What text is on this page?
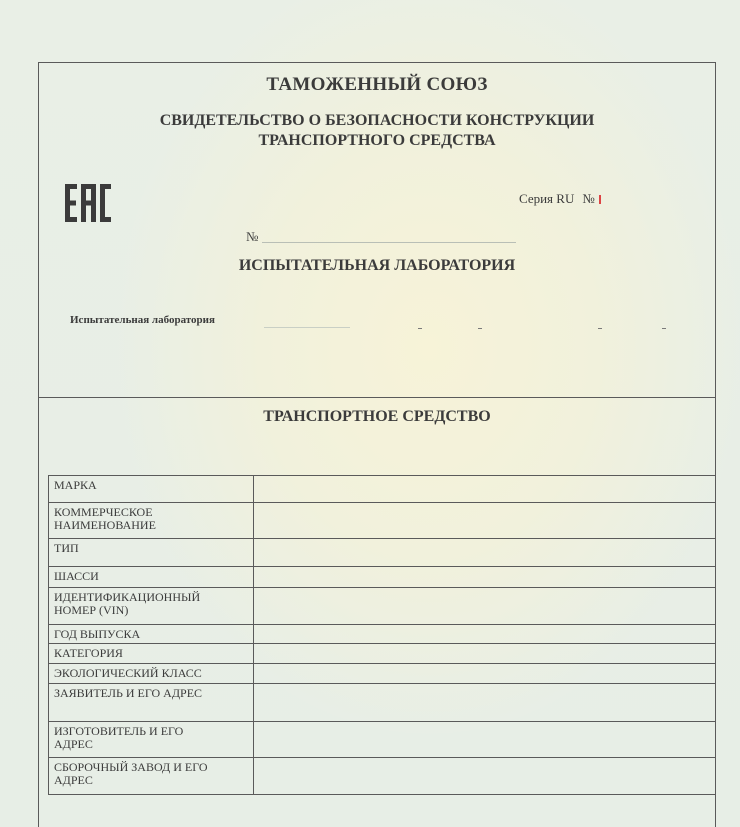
ТАМОЖЕННЫЙ СОЮЗ
СВИДЕТЕЛЬСТВО О БЕЗОПАСНОСТИ КОНСТРУКЦИИ
ТРАНСПОРТНОГО СРЕДСТВА
Серия RU №
№
ИСПЫТАТЕЛЬНАЯ ЛАБОРАТОРИЯ
Испытательная лаборатория
ТРАНСПОРТНОЕ СРЕДСТВО
МАРКА
КОММЕРЧЕСКОЕ
НАИМЕНОВАНИЕ
ТИП
ШАССИ
ИДЕНТИФИКАЦИОННЫЙ
НОМЕР (VIN)
ГОД ВЫПУСКА
КАТЕГОРИЯ
ЭКОЛОГИЧЕСКИЙ КЛАСС
ЗАЯВИТЕЛЬ И ЕГО АДРЕС
ИЗГОТОВИТЕЛЬ И ЕГО
АДРЕС
СБОРОЧНЫЙ ЗАВОД И ЕГО
АДРЕС
